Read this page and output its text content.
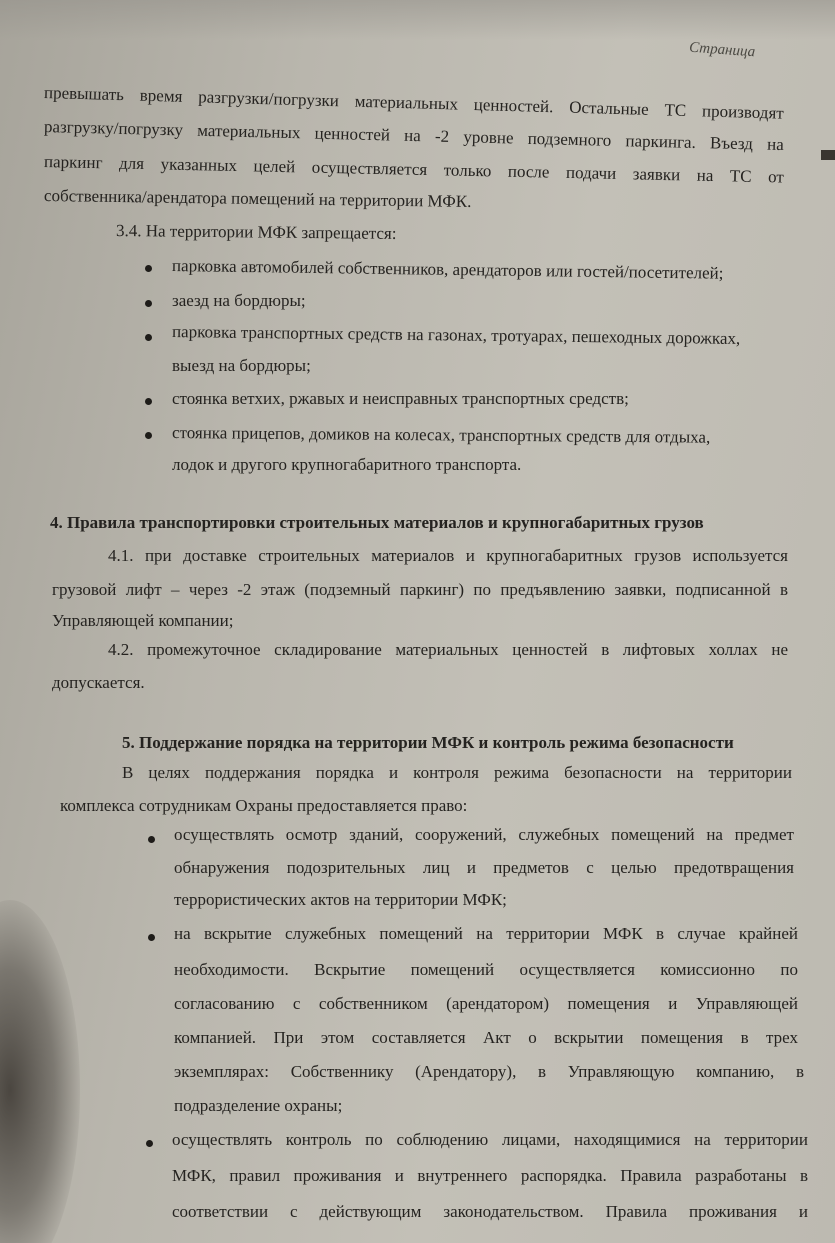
Страница
превышать время разгрузки/погрузки материальных ценностей. Остальные ТС производят
разгрузку/погрузку материальных ценностей на -2 уровне подземного паркинга. Въезд на
паркинг для указанных целей осуществляется только после подачи заявки на ТС от
собственника/арендатора помещений на территории МФК.
3.4. На территории МФК запрещается:
парковка автомобилей собственников, арендаторов или гостей/посетителей;
заезд на бордюры;
парковка транспортных средств на газонах, тротуарах, пешеходных дорожках,
выезд на бордюры;
стоянка ветхих, ржавых и неисправных транспортных средств;
стоянка прицепов, домиков на колесах, транспортных средств для отдыха,
лодок и другого крупногабаритного транспорта.
4. Правила транспортировки строительных материалов и крупногабаритных грузов
4.1. при доставке строительных материалов и крупногабаритных грузов используется
грузовой лифт – через -2 этаж (подземный паркинг) по предъявлению заявки, подписанной в
Управляющей компании;
4.2. промежуточное складирование материальных ценностей в лифтовых холлах не
допускается.
5. Поддержание порядка на территории МФК и контроль режима безопасности
В целях поддержания порядка и контроля режима безопасности на территории
комплекса сотрудникам Охраны предоставляется право:
осуществлять осмотр зданий, сооружений, служебных помещений на предмет
обнаружения подозрительных лиц и предметов с целью предотвращения
террористических актов на территории МФК;
на вскрытие служебных помещений на территории МФК в случае крайней
необходимости. Вскрытие помещений осуществляется комиссионно по
согласованию с собственником (арендатором) помещения и Управляющей
компанией. При этом составляется Акт о вскрытии помещения в трех
экземплярах: Собственнику (Арендатору), в Управляющую компанию, в
подразделение охраны;
осуществлять контроль по соблюдению лицами, находящимися на территории
МФК, правил проживания и внутреннего распорядка. Правила разработаны в
соответствии с действующим законодательством. Правила проживания и
